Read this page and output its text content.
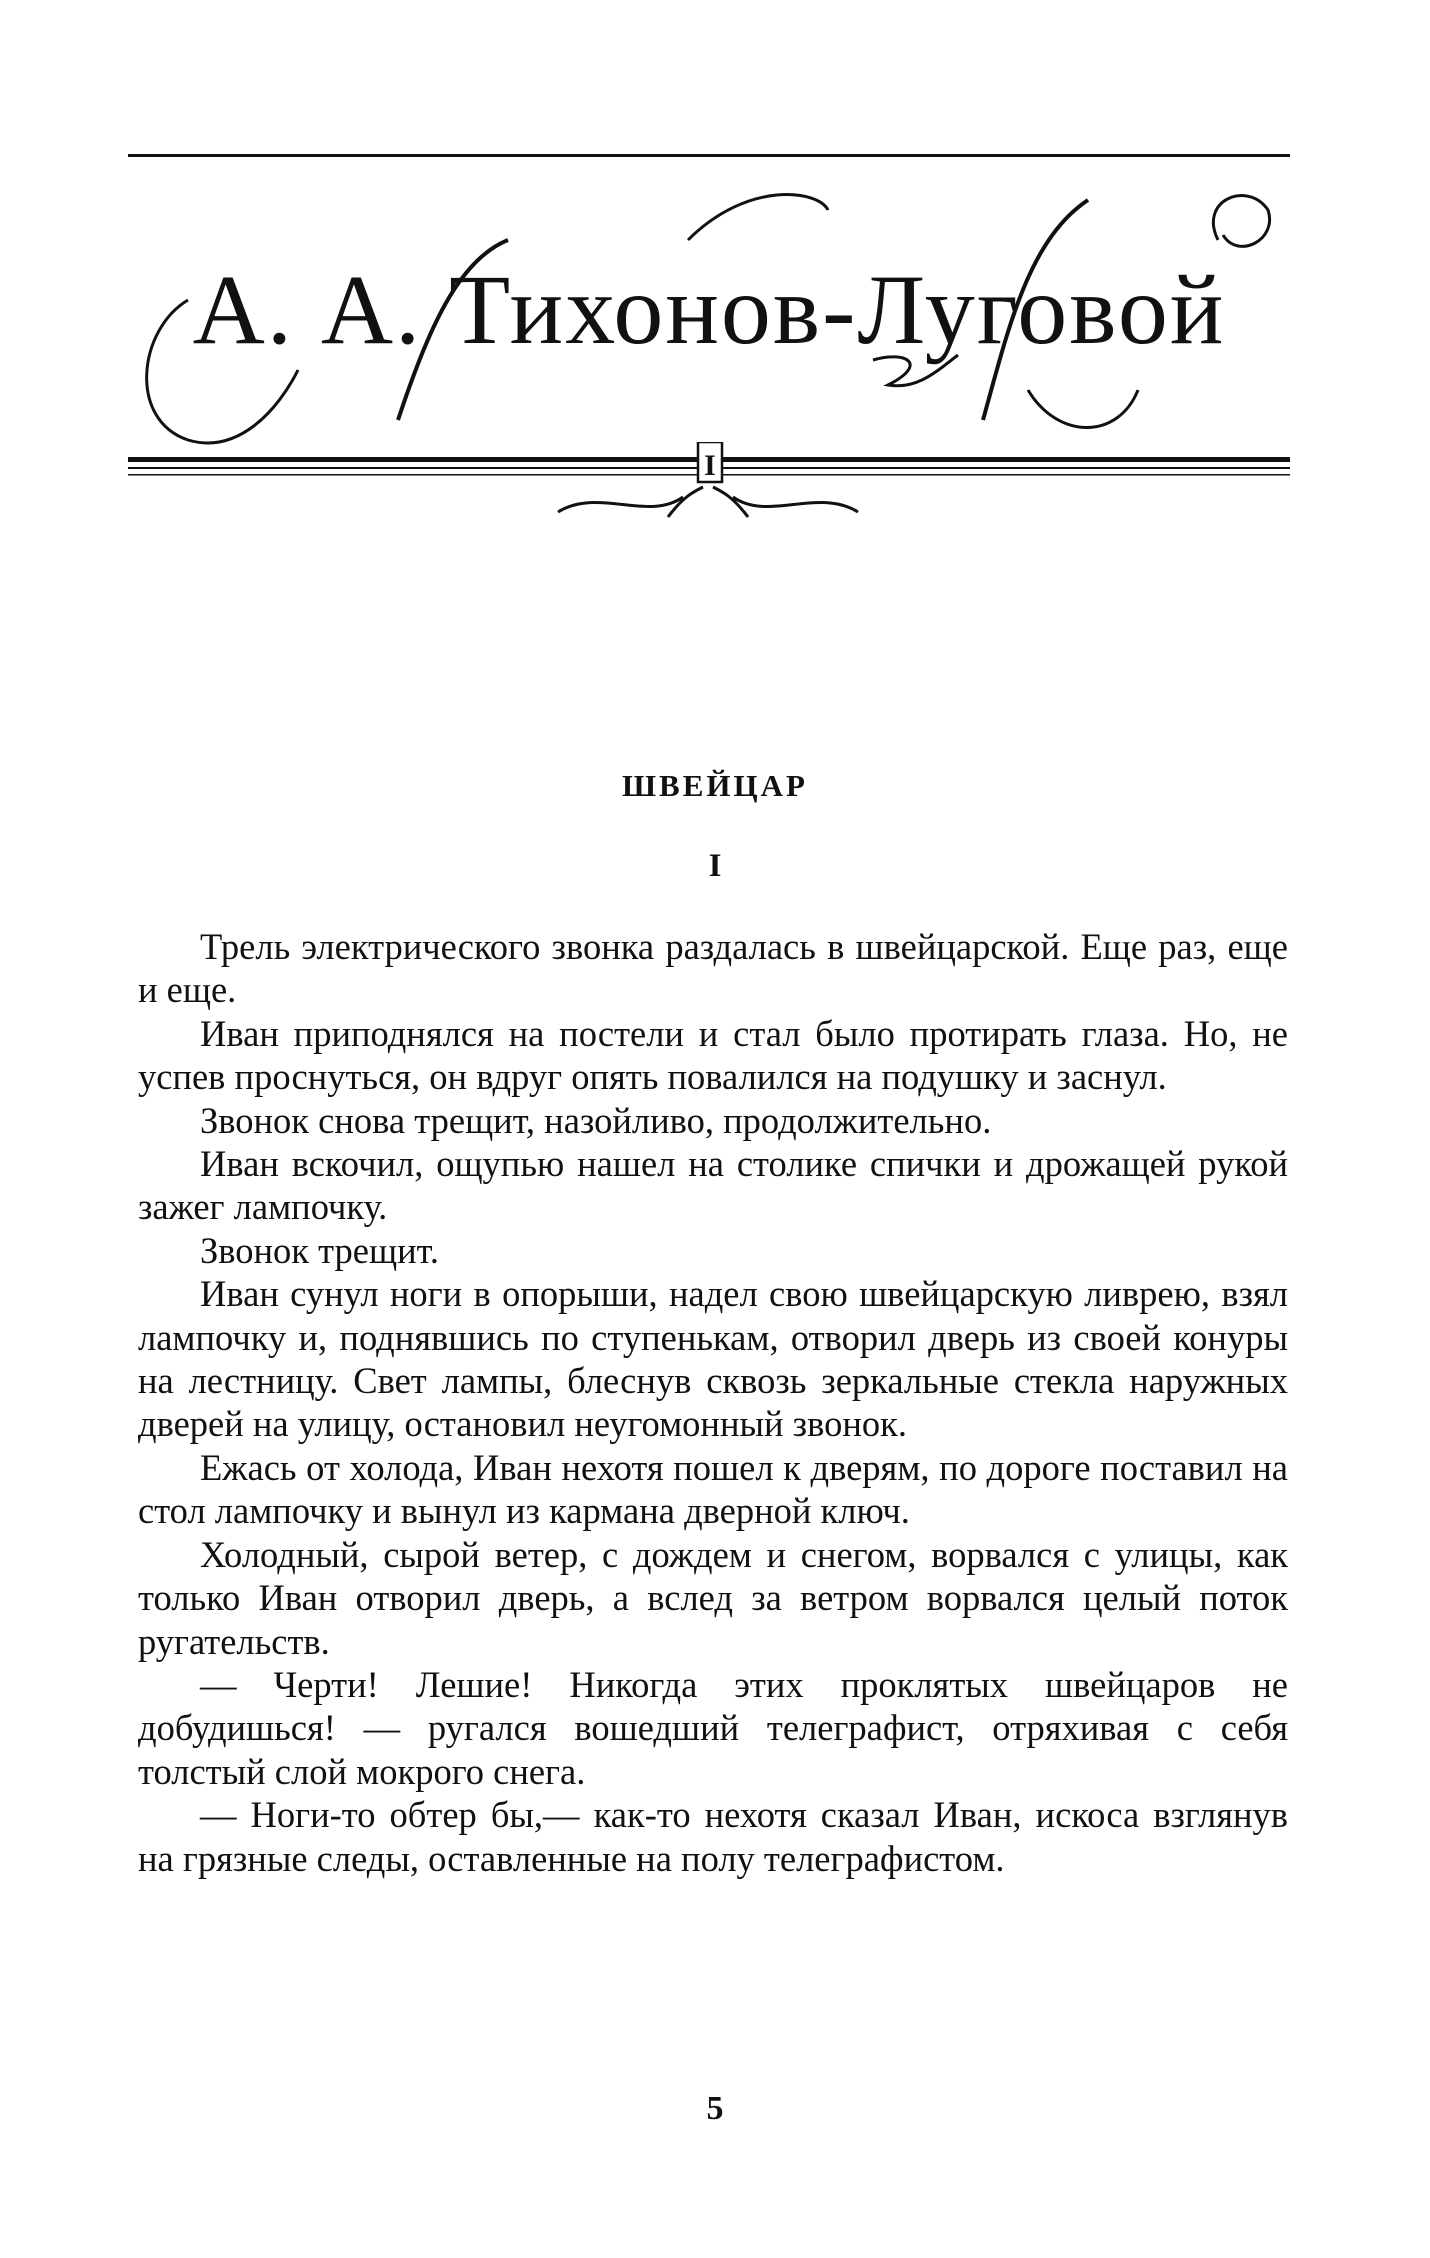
А. А. Тихонов-Луговой
I
ШВЕЙЦАР
I

Трель электрического звонка раздалась в швейцарской. Еще раз, еще и еще.

Иван приподнялся на постели и стал было протирать глаза. Но, не успев проснуться, он вдруг опять повалился на подушку и заснул.

Звонок снова трещит, назойливо, продолжительно.

Иван вскочил, ощупью нашел на столике спички и дрожащей рукой зажег лампочку.

Звонок трещит.

Иван сунул ноги в опорыши, надел свою швейцарскую ливрею, взял лампочку и, поднявшись по ступенькам, отворил дверь из своей конуры на лестницу. Свет лампы, блеснув сквозь зеркальные стекла наружных дверей на улицу, остановил неугомонный звонок.

Ежась от холода, Иван нехотя пошел к дверям, по дороге поставил на стол лампочку и вынул из кармана дверной ключ.

Холодный, сырой ветер, с дождем и снегом, ворвался с улицы, как только Иван отворил дверь, а вслед за ветром ворвался целый поток ругательств.

— Черти! Лешие! Никогда этих проклятых швейцаров не добудишься! — ругался вошедший телеграфист, отряхивая с себя толстый слой мокрого снега.

— Ноги-то обтер бы,— как-то нехотя сказал Иван, искоса взглянув на грязные следы, оставленные на полу телеграфистом.

5
